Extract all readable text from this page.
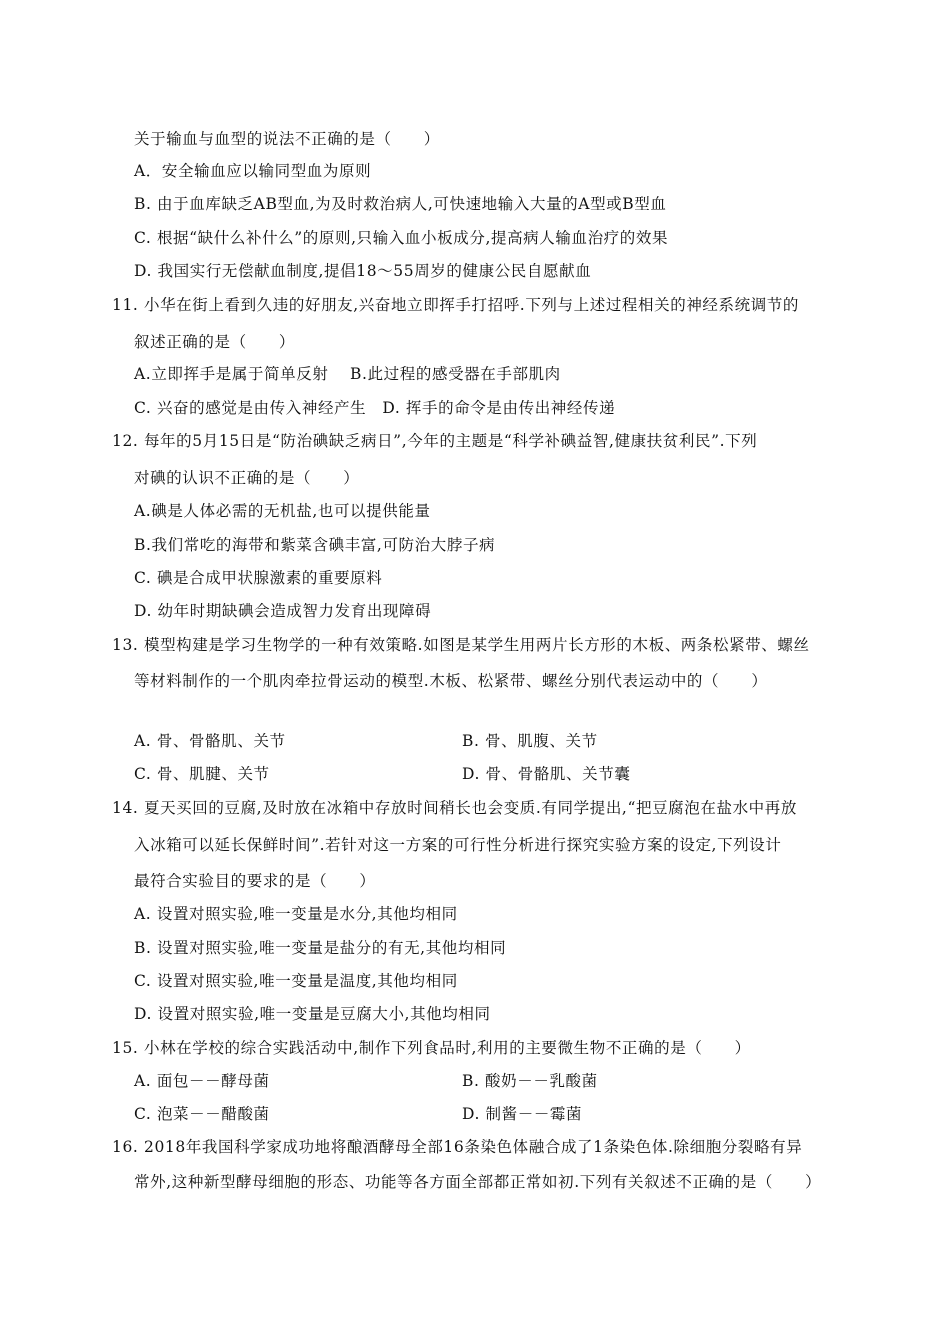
关于输血与血型的说法不正确的是（　　）
A．安全输血应以输同型血为原则
B. 由于血库缺乏AB型血,为及时救治病人,可快速地输入大量的A型或B型血
C. 根据“缺什么补什么”的原则,只输入血小板成分,提高病人输血治疗的效果
D. 我国实行无偿献血制度,提倡18～55周岁的健康公民自愿献血
11. 小华在街上看到久违的好朋友,兴奋地立即挥手打招呼.下列与上述过程相关的神经系统调节的
叙述正确的是（　　）
A.立即挥手是属于简单反射　 B.此过程的感受器在手部肌肉
C. 兴奋的感觉是由传入神经产生　D. 挥手的命令是由传出神经传递
12. 每年的5月15日是“防治碘缺乏病日”,今年的主题是“科学补碘益智,健康扶贫利民”.下列
对碘的认识不正确的是（　　）
A.碘是人体必需的无机盐,也可以提供能量
B.我们常吃的海带和紫菜含碘丰富,可防治大脖子病
C. 碘是合成甲状腺激素的重要原料
D. 幼年时期缺碘会造成智力发育出现障碍
13. 模型构建是学习生物学的一种有效策略.如图是某学生用两片长方形的木板、两条松紧带、螺丝
等材料制作的一个肌肉牵拉骨运动的模型.木板、松紧带、螺丝分别代表运动中的（　　）
A. 骨、骨骼肌、关节	B. 骨、肌腹、关节
C. 骨、肌腱、关节	D. 骨、骨骼肌、关节囊
14. 夏天买回的豆腐,及时放在冰箱中存放时间稍长也会变质.有同学提出,“把豆腐泡在盐水中再放
入冰箱可以延长保鲜时间”.若针对这一方案的可行性分析进行探究实验方案的设定,下列设计
最符合实验目的要求的是（　　）
A. 设置对照实验,唯一变量是水分,其他均相同
B. 设置对照实验,唯一变量是盐分的有无,其他均相同
C. 设置对照实验,唯一变量是温度,其他均相同
D. 设置对照实验,唯一变量是豆腐大小,其他均相同
15. 小林在学校的综合实践活动中,制作下列食品时,利用的主要微生物不正确的是（　　）
A. 面包－－酵母菌	B. 酸奶－－乳酸菌
C. 泡菜－－醋酸菌	D. 制酱－－霉菌
16. 2018年我国科学家成功地将酿酒酵母全部16条染色体融合成了1条染色体.除细胞分裂略有异
常外,这种新型酵母细胞的形态、功能等各方面全部都正常如初.下列有关叙述不正确的是（　　）
